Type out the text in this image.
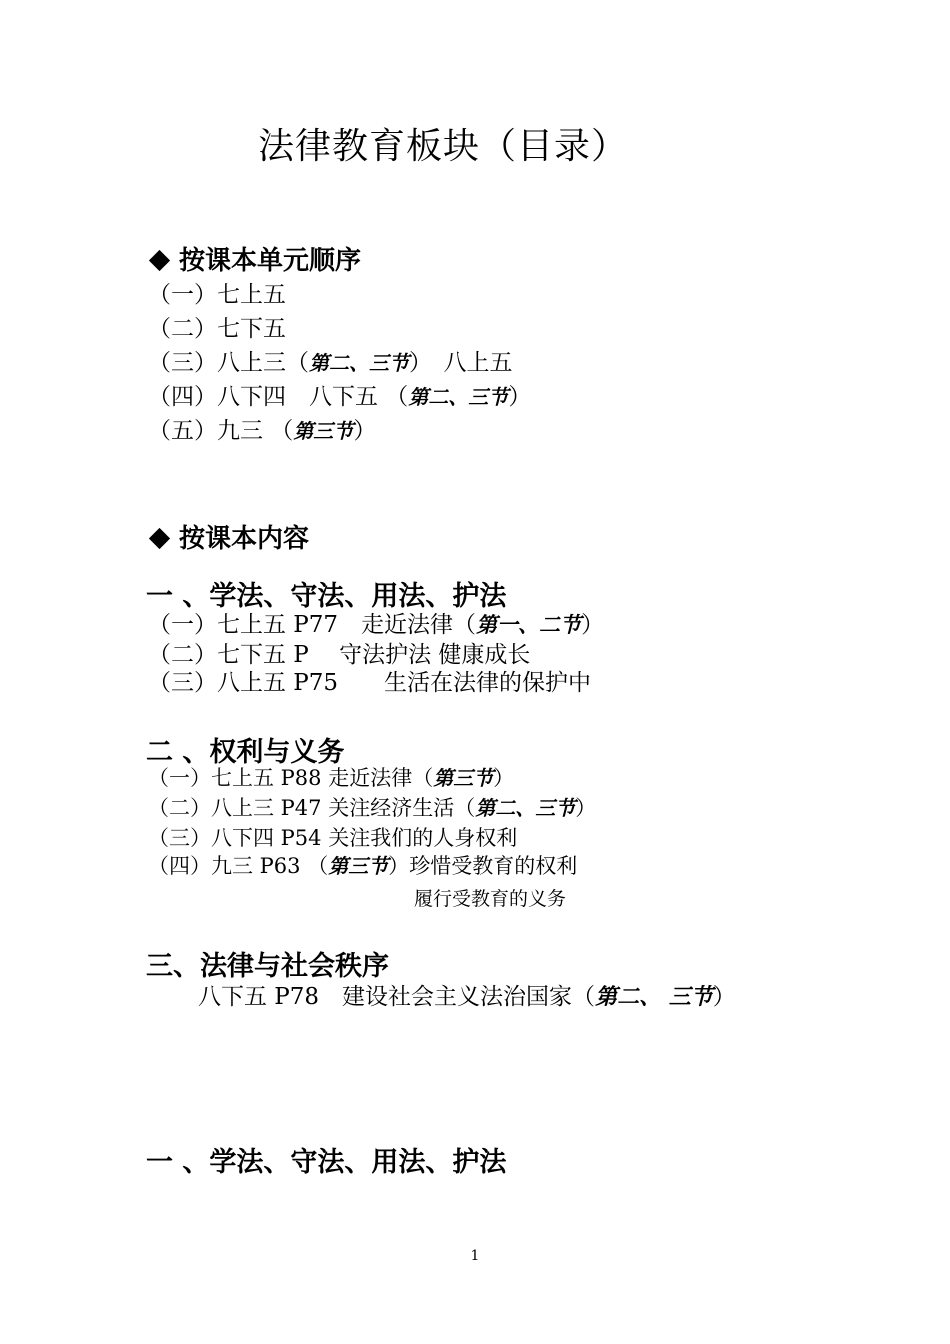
法律教育板块（目录）
按课本单元顺序
（一）七上五
（二）七下五
（三）八上三（第二、三节）　八上五
（四）八下四　八下五 （第二、三节）
（五）九三 （第三节）
按课本内容
一 、学法、守法、用法、护法
（一）七上五 P77　走近法律（第一、二节）
（二）七下五 P　 守法护法 健康成长
（三）八上五 P75　　生活在法律的保护中
二 、权利与义务
（一）七上五 P88 走近法律（第三节）
（二）八上三 P47 关注经济生活（第二、三节）
（三）八下四 P54 关注我们的人身权利
（四）九三 P63 （第三节）珍惜受教育的权利
履行受教育的义务
三、法律与社会秩序
八下五 P78　建设社会主义法治国家（第二、 三节）
一 、学法、守法、用法、护法
1
